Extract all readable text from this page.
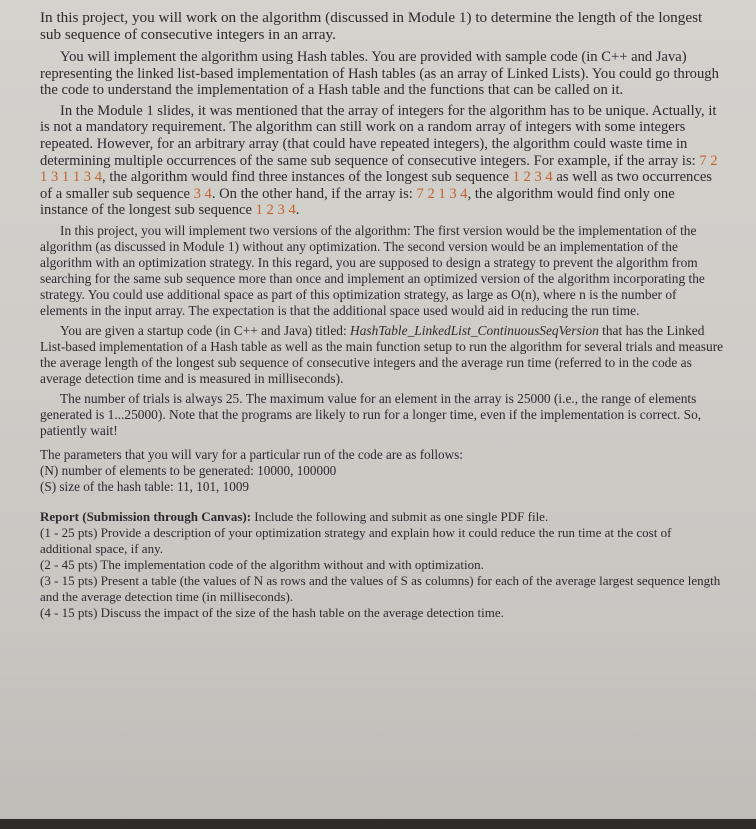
In this project, you will work on the algorithm (discussed in Module 1) to determine the length of the longest sub sequence of consecutive integers in an array.

You will implement the algorithm using Hash tables. You are provided with sample code (in C++ and Java) representing the linked list-based implementation of Hash tables (as an array of Linked Lists). You could go through the code to understand the implementation of a Hash table and the functions that can be called on it.

In the Module 1 slides, it was mentioned that the array of integers for the algorithm has to be unique. Actually, it is not a mandatory requirement. The algorithm can still work on a random array of integers with some integers repeated. However, for an arbitrary array (that could have repeated integers), the algorithm could waste time in determining multiple occurrences of the same sub sequence of consecutive integers. For example, if the array is: 7 2 1 3 1 1 3 4, the algorithm would find three instances of the longest sub sequence 1 2 3 4 as well as two occurrences of a smaller sub sequence 3 4. On the other hand, if the array is: 7 2 1 3 4, the algorithm would find only one instance of the longest sub sequence 1 2 3 4.

In this project, you will implement two versions of the algorithm: The first version would be the implementation of the algorithm (as discussed in Module 1) without any optimization. The second version would be an implementation of the algorithm with an optimization strategy. In this regard, you are supposed to design a strategy to prevent the algorithm from searching for the same sub sequence more than once and implement an optimized version of the algorithm incorporating the strategy. You could use additional space as part of this optimization strategy, as large as O(n), where n is the number of elements in the input array. The expectation is that the additional space used would aid in reducing the run time.

You are given a startup code (in C++ and Java) titled: HashTable_LinkedList_ContinuousSeqVersion that has the Linked List-based implementation of a Hash table as well as the main function setup to run the algorithm for several trials and measure the average length of the longest sub sequence of consecutive integers and the average run time (referred to in the code as average detection time and is measured in milliseconds).

The number of trials is always 25. The maximum value for an element in the array is 25000 (i.e., the range of elements generated is 1...25000). Note that the programs are likely to run for a longer time, even if the implementation is correct. So, patiently wait!

The parameters that you will vary for a particular run of the code are as follows:
(N) number of elements to be generated: 10000, 100000
(S) size of the hash table: 11, 101, 1009
Report (Submission through Canvas): Include the following and submit as one single PDF file.
(1 - 25 pts) Provide a description of your optimization strategy and explain how it could reduce the run time at the cost of additional space, if any.
(2 - 45 pts) The implementation code of the algorithm without and with optimization.
(3 - 15 pts) Present a table (the values of N as rows and the values of S as columns) for each of the average largest sequence length and the average detection time (in milliseconds).
(4 - 15 pts) Discuss the impact of the size of the hash table on the average detection time.
